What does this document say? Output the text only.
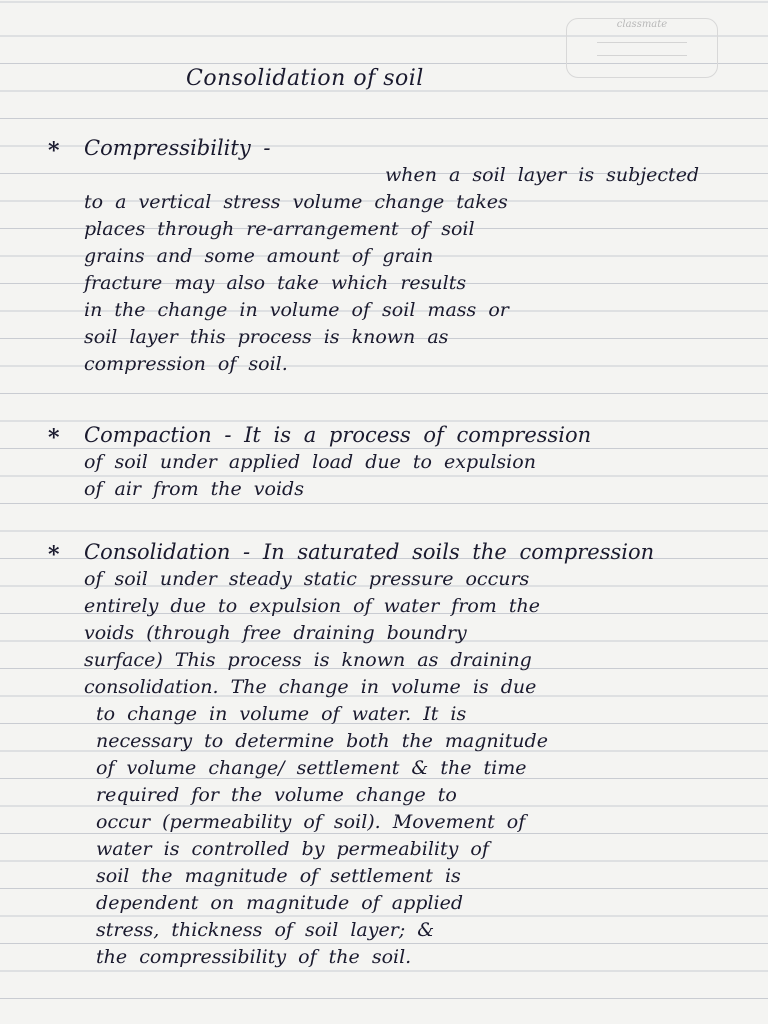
classmate
Consolidation of soil
* Compressibility -
when a soil layer is subjected
to a vertical stress volume change takes
places through re-arrangement of soil
grains and some amount of grain
fracture may also take which results
in the change in volume of soil mass or
soil layer this process is known as
compression of soil.
* Compaction - It is a process of compression
of soil under applied load due to expulsion
of air from the voids
* Consolidation - In saturated soils the compression
of soil under steady static pressure occurs
entirely due to expulsion of water from the
voids (through free draining boundry
surface) This process is known as draining
consolidation. The change in volume is due
to change in volume of water. It is
necessary to determine both the magnitude
of volume change/ settlement & the time
required for the volume change to
occur (permeability of soil). Movement of
water is controlled by permeability of
soil the magnitude of settlement is
dependent on magnitude of applied
stress, thickness of soil layer; &
the compressibility of the soil.
